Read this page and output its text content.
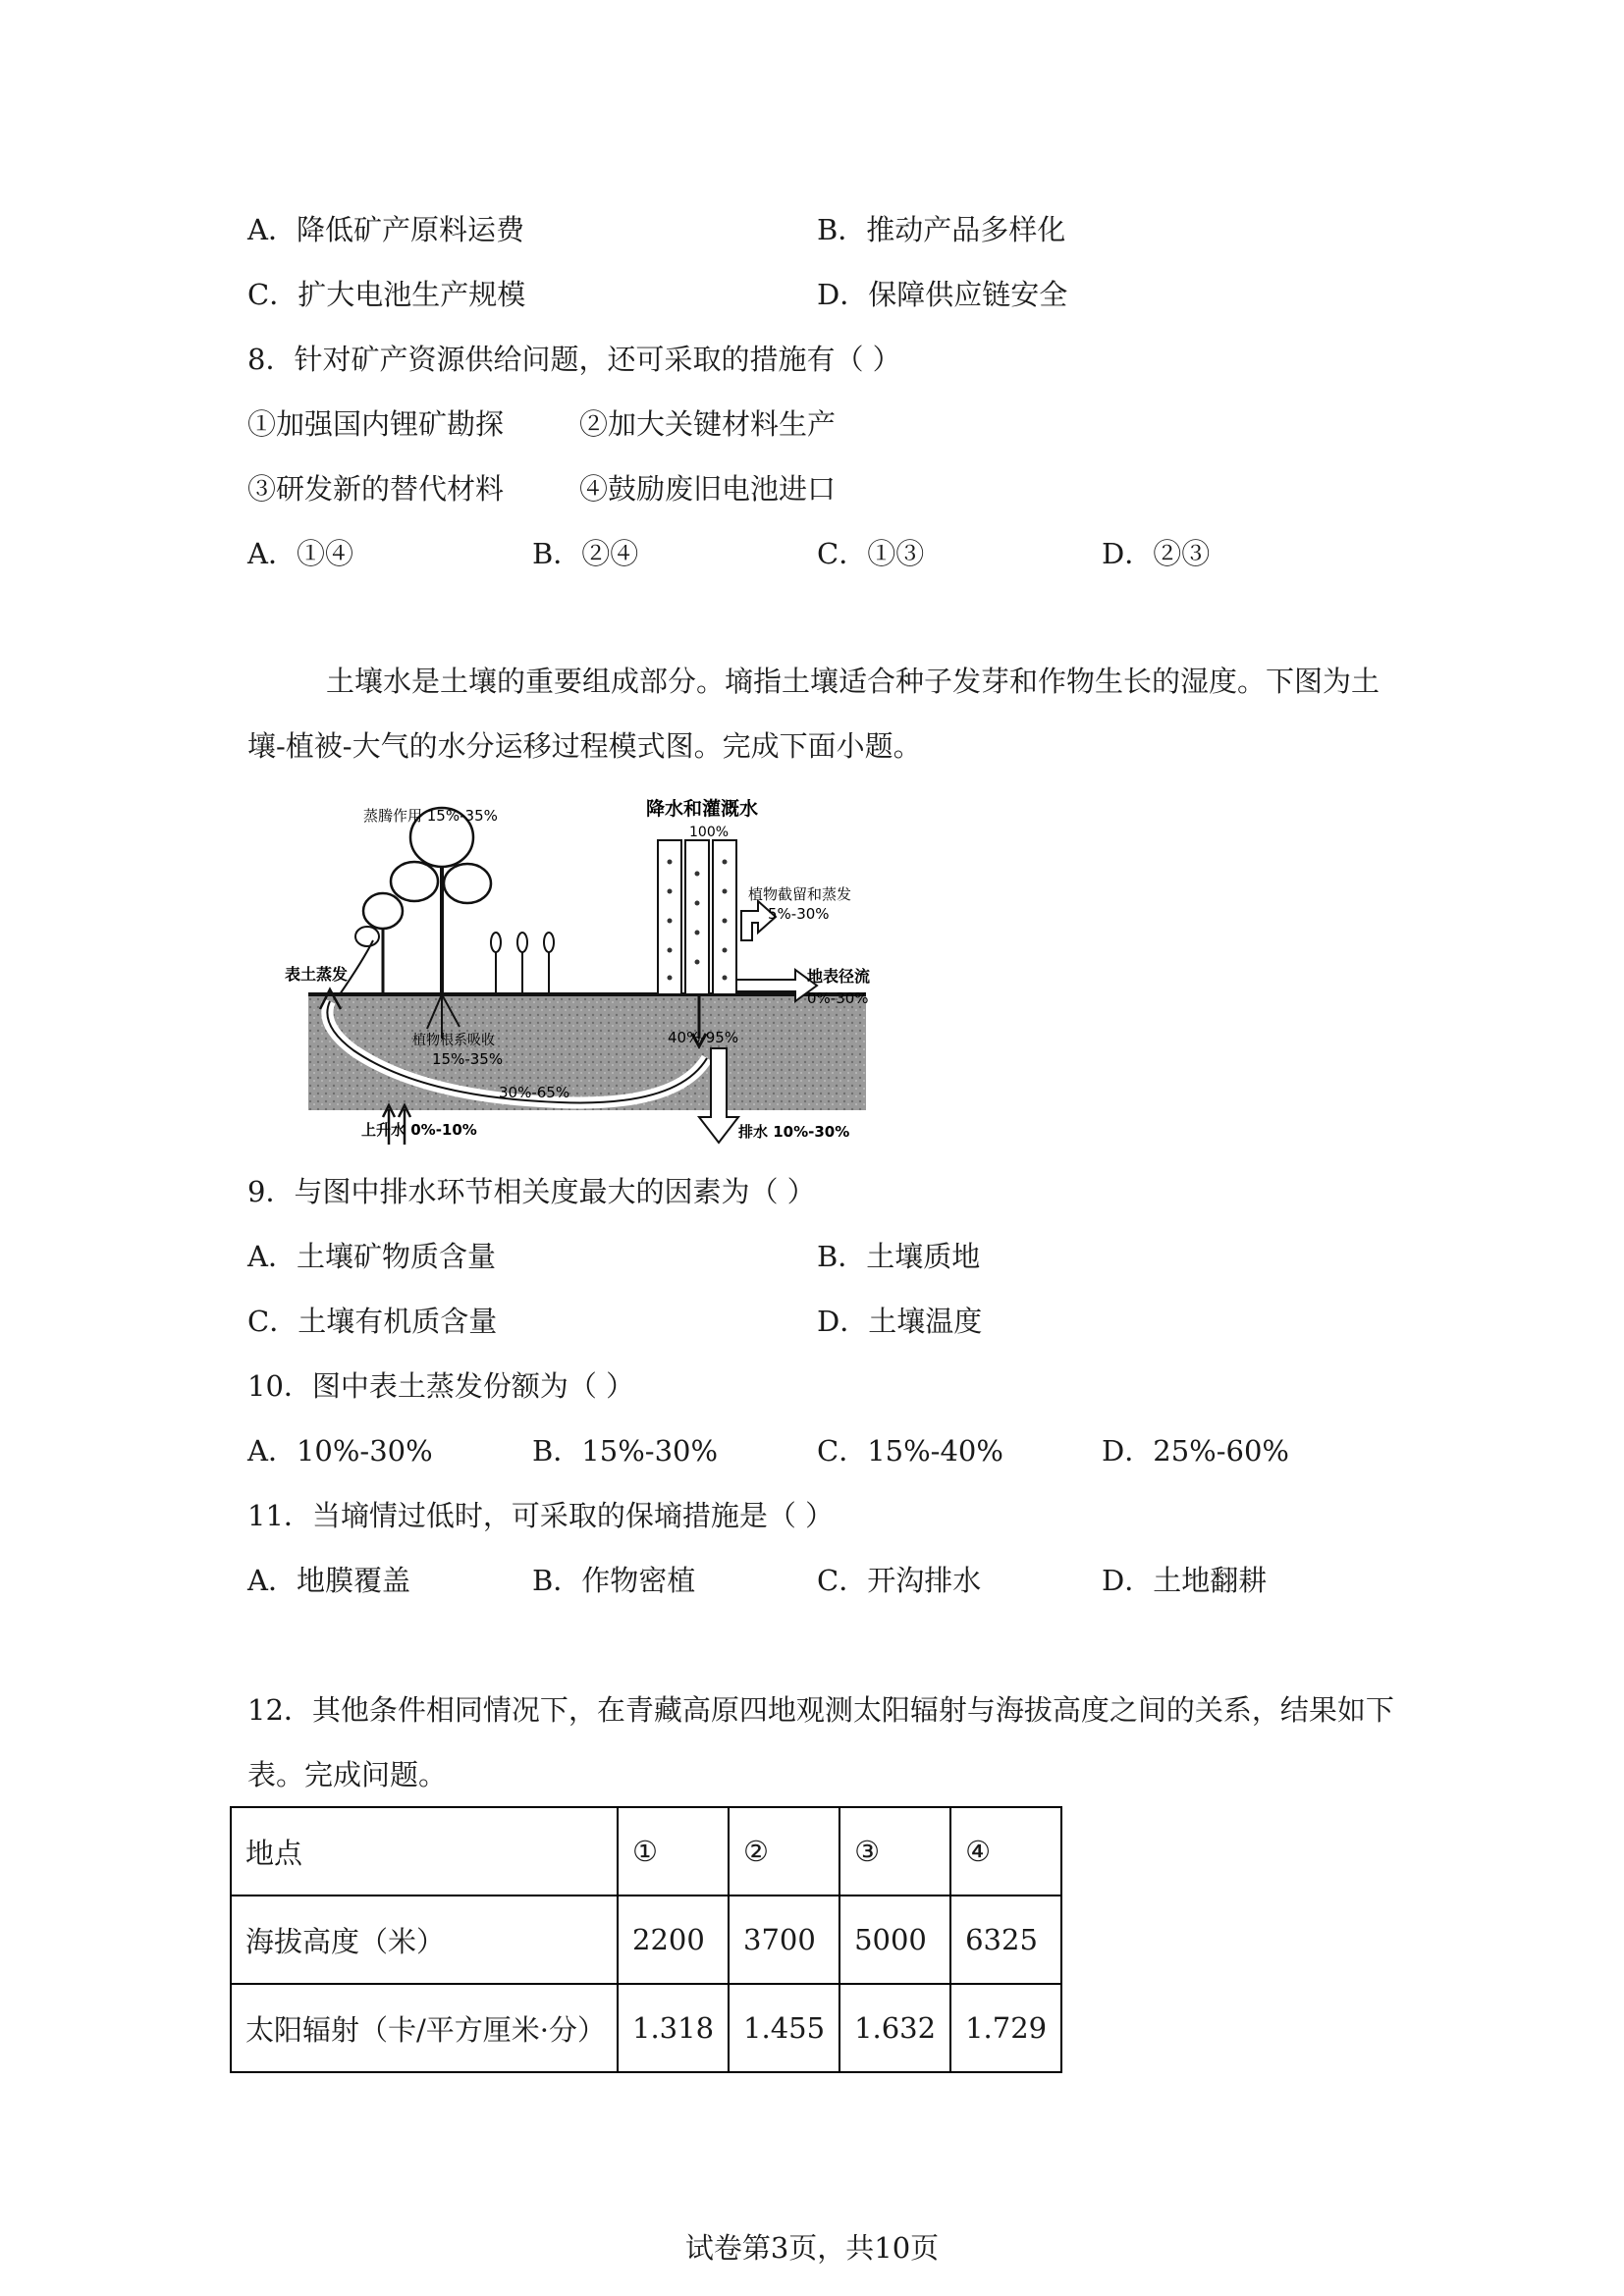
A．降低矿产原料运费	B．推动产品多样化
C．扩大电池生产规模	D．保障供应链安全
8．针对矿产资源供给问题，还可采取的措施有（ ）
①加强国内锂矿勘探	②加大关键材料生产
③研发新的替代材料	④鼓励废旧电池进口
A．①④	B．②④	C．①③	D．②③
土壤水是土壤的重要组成部分。墒指土壤适合种子发芽和作物生长的湿度。下图为土
壤-植被-大气的水分运移过程模式图。完成下面小题。
蒸腾作用 15%-35%	降水和灌溉水
100%
植物截留和蒸发
5%-30%
表土蒸发	地表径流
0%-30%
植物根系吸收
15%-35%
40%-95%
30%-65%
上升水 0%-10%	排水 10%-30%
9．与图中排水环节相关度最大的因素为（ ）
A．土壤矿物质含量	B．土壤质地
C．土壤有机质含量	D．土壤温度
10．图中表土蒸发份额为（ ）
A．10%-30%	B．15%-30%	C．15%-40%	D．25%-60%
11．当墒情过低时，可采取的保墒措施是（ ）
A．地膜覆盖	B．作物密植	C．开沟排水	D．土地翻耕
12．其他条件相同情况下，在青藏高原四地观测太阳辐射与海拔高度之间的关系，结果如下
表。完成问题。
地点	①	②	③	④
海拔高度（米）	2200	3700	5000	6325
太阳辐射（卡/平方厘米·分）	1.318	1.455	1.632	1.729
试卷第3页，共10页
